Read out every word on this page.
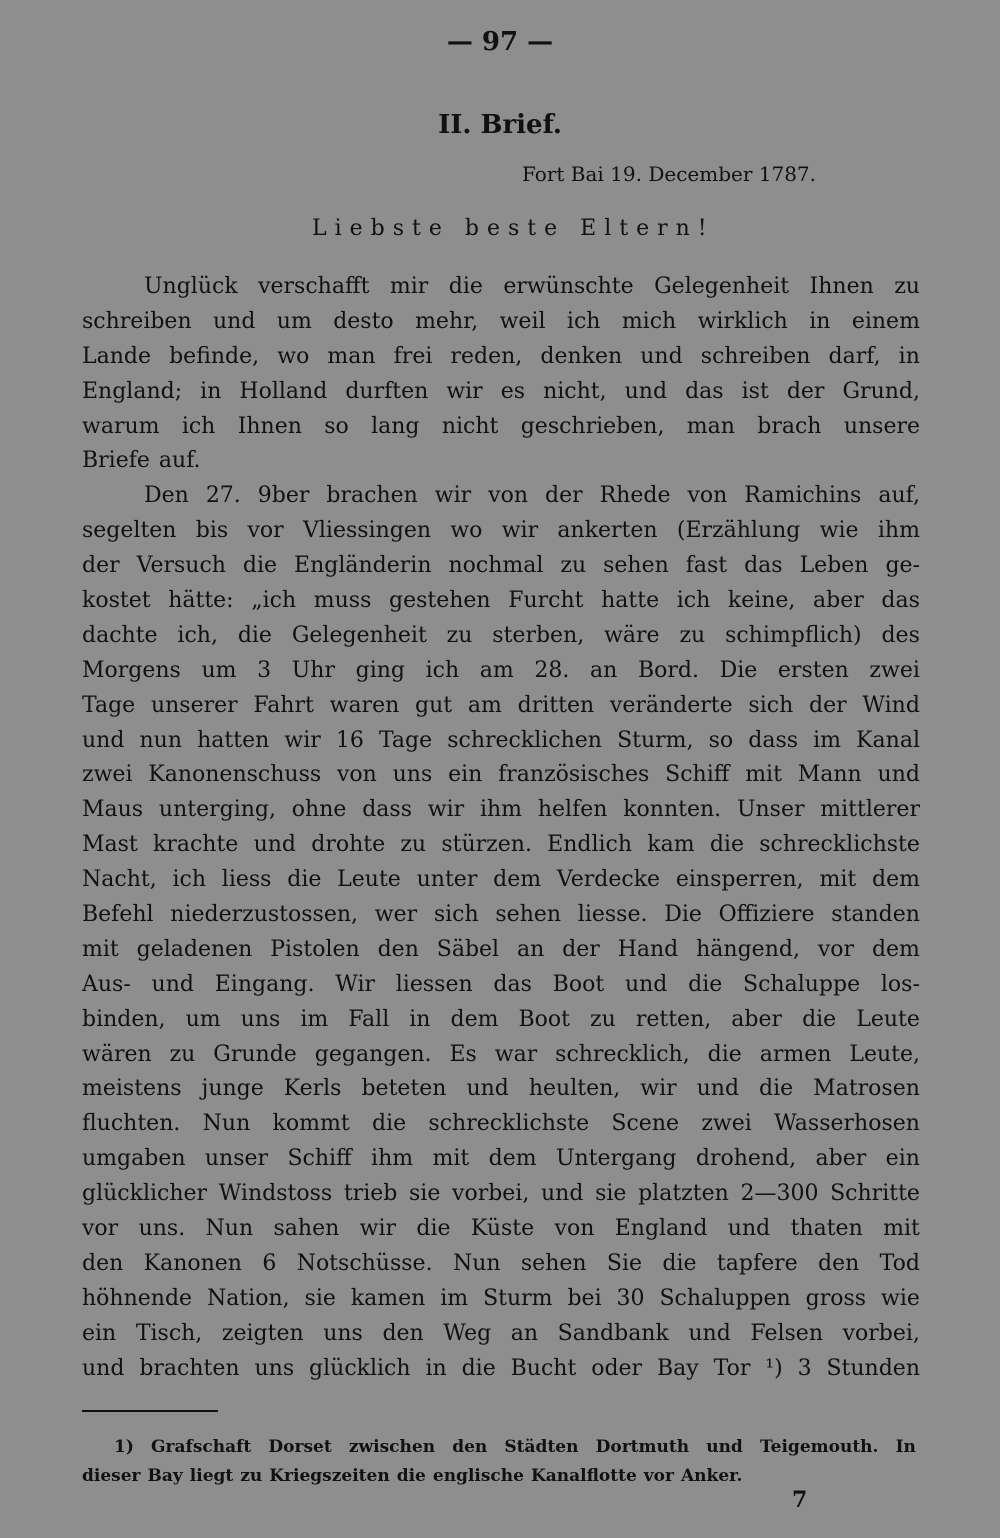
— 97 —
II. Brief.
Fort Bai 19. December 1787.
Liebste beste Eltern!
Unglück verschafft mir die erwünschte Gelegenheit Ihnen zu
schreiben und um desto mehr, weil ich mich wirklich in einem
Lande befinde, wo man frei reden, denken und schreiben darf, in
England; in Holland durften wir es nicht, und das ist der Grund,
warum ich Ihnen so lang nicht geschrieben, man brach unsere
Briefe auf.
Den 27. 9ber brachen wir von der Rhede von Ramichins auf,
segelten bis vor Vliessingen wo wir ankerten (Erzählung wie ihm
der Versuch die Engländerin nochmal zu sehen fast das Leben ge-
kostet hätte: „ich muss gestehen Furcht hatte ich keine, aber das
dachte ich, die Gelegenheit zu sterben, wäre zu schimpflich) des
Morgens um 3 Uhr ging ich am 28. an Bord. Die ersten zwei
Tage unserer Fahrt waren gut am dritten veränderte sich der Wind
und nun hatten wir 16 Tage schrecklichen Sturm, so dass im Kanal
zwei Kanonenschuss von uns ein französisches Schiff mit Mann und
Maus unterging, ohne dass wir ihm helfen konnten. Unser mittlerer
Mast krachte und drohte zu stürzen. Endlich kam die schrecklichste
Nacht, ich liess die Leute unter dem Verdecke einsperren, mit dem
Befehl niederzustossen, wer sich sehen liesse. Die Offiziere standen
mit geladenen Pistolen den Säbel an der Hand hängend, vor dem
Aus- und Eingang. Wir liessen das Boot und die Schaluppe los-
binden, um uns im Fall in dem Boot zu retten, aber die Leute
wären zu Grunde gegangen. Es war schrecklich, die armen Leute,
meistens junge Kerls beteten und heulten, wir und die Matrosen
fluchten. Nun kommt die schrecklichste Scene zwei Wasserhosen
umgaben unser Schiff ihm mit dem Untergang drohend, aber ein
glücklicher Windstoss trieb sie vorbei, und sie platzten 2—300 Schritte
vor uns. Nun sahen wir die Küste von England und thaten mit
den Kanonen 6 Notschüsse. Nun sehen Sie die tapfere den Tod
höhnende Nation, sie kamen im Sturm bei 30 Schaluppen gross wie
ein Tisch, zeigten uns den Weg an Sandbank und Felsen vorbei,
und brachten uns glücklich in die Bucht oder Bay Tor ¹) 3 Stunden
1) Grafschaft Dorset zwischen den Städten Dortmuth und Teigemouth. In
dieser Bay liegt zu Kriegszeiten die englische Kanalflotte vor Anker.
7
